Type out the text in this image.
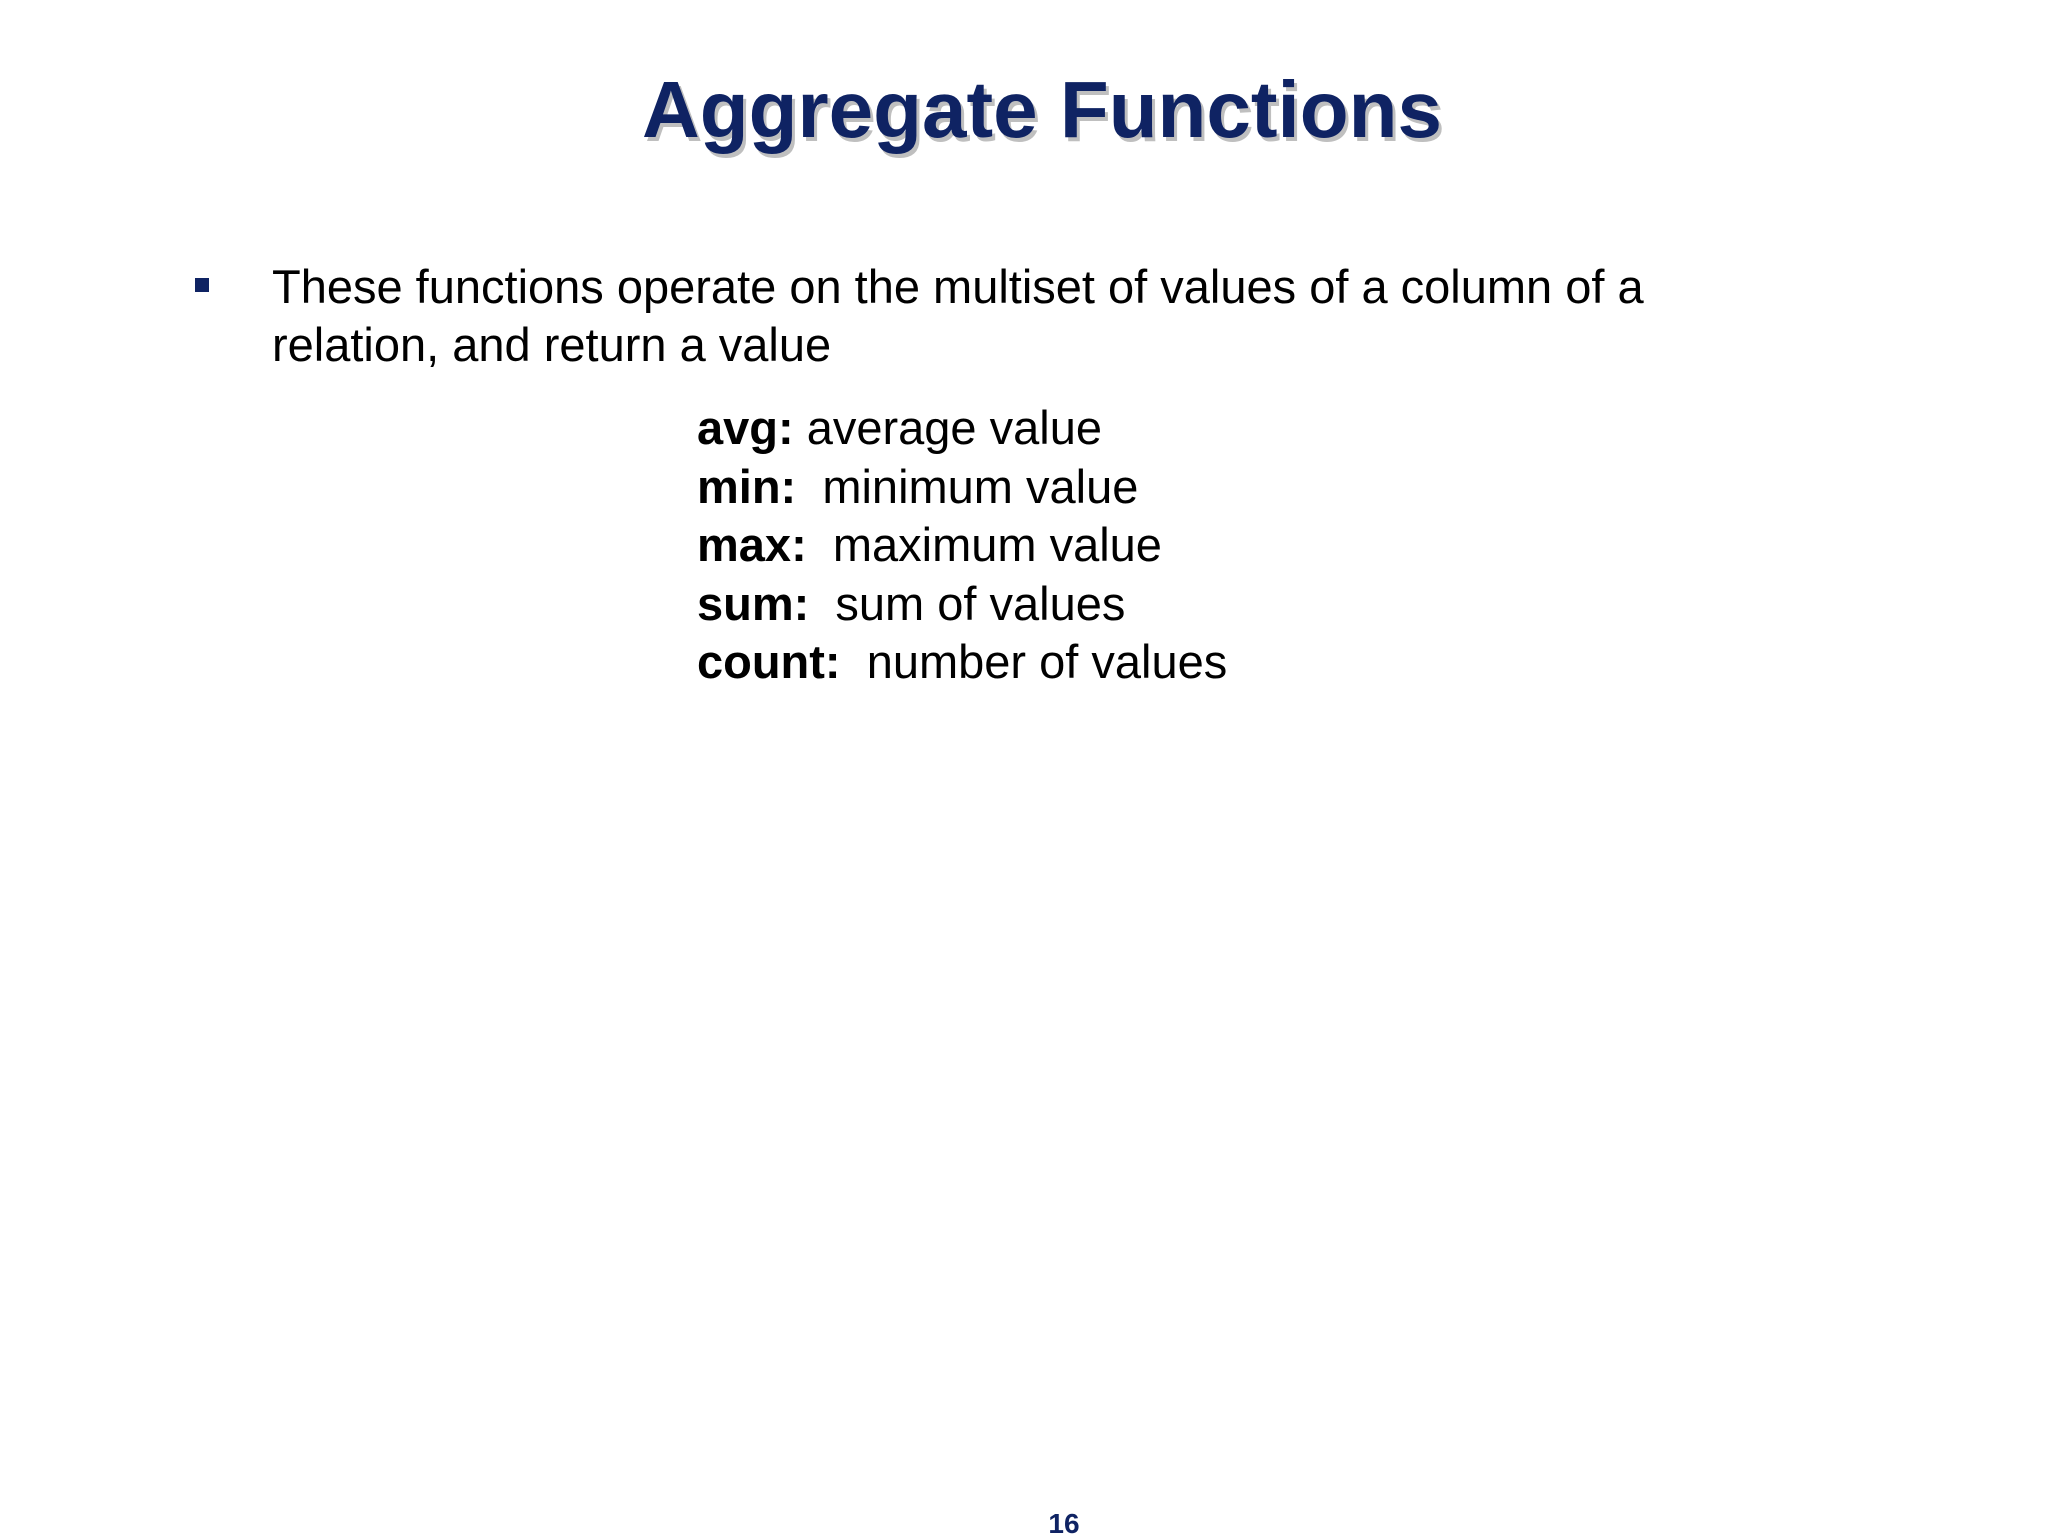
Aggregate Functions

These functions operate on the multiset of values of a column of a relation, and return a value

avg: average value
min: minimum value
max: maximum value
sum: sum of values
count: number of values
16
